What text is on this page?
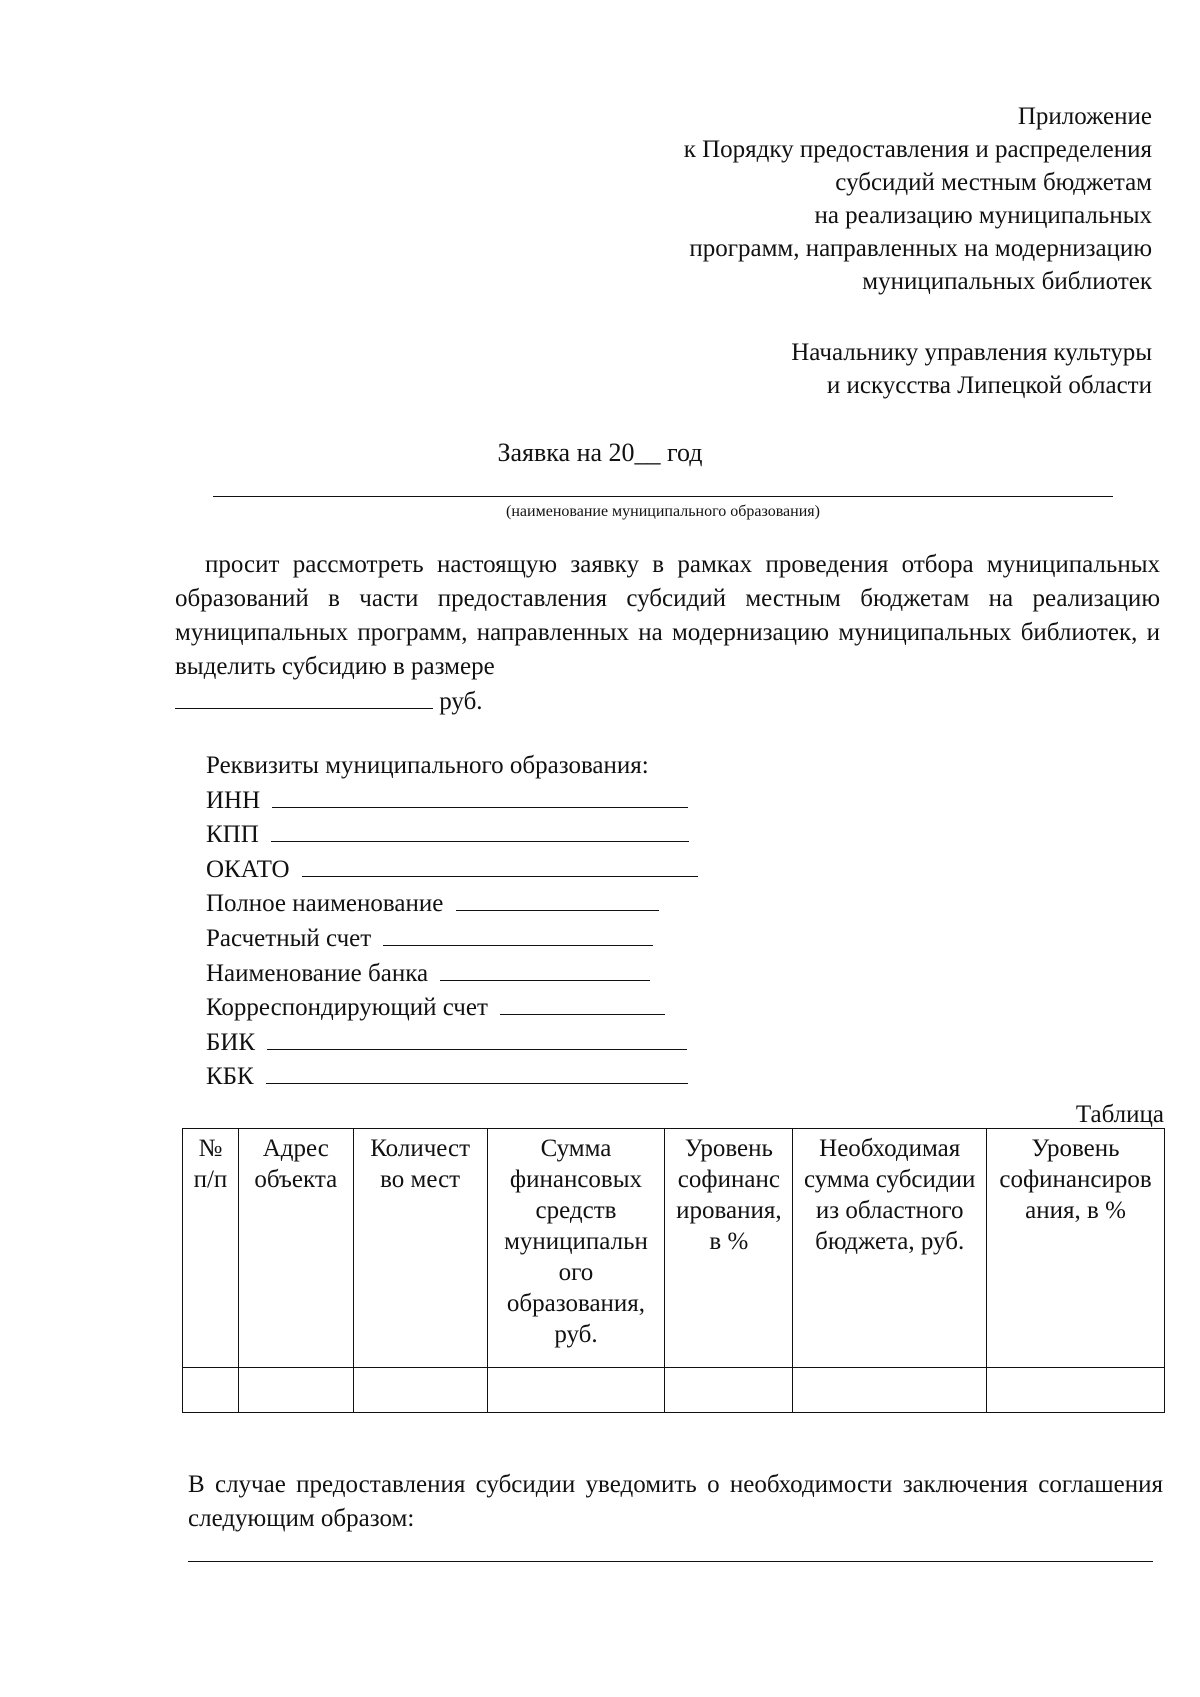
Приложение
к Порядку предоставления и распределения
субсидий местным бюджетам
на реализацию муниципальных
программ, направленных на модернизацию
муниципальных библиотек
Начальнику управления культуры
и искусства Липецкой области
Заявка на 20__ год
(наименование муниципального образования)
просит рассмотреть настоящую заявку в рамках проведения отбора муниципальных образований в части предоставления субсидий местным бюджетам на реализацию муниципальных программ, направленных на модернизацию муниципальных библиотек, и выделить субсидию в размере
руб.
Реквизиты муниципального образования:
ИНН
КПП
ОКАТО
Полное наименование
Расчетный счет
Наименование банка
Корреспондирующий счет
БИК
КБК
Таблица
№ п/п	Адрес объекта	Количест во мест	Сумма финансовых средств муниципальн ого образования, руб.	Уровень софинанс ирования, в %	Необходимая сумма субсидии из областного бюджета, руб.	Уровень софинансиров ания, в %

В случае предоставления субсидии уведомить о необходимости заключения соглашения следующим образом:
